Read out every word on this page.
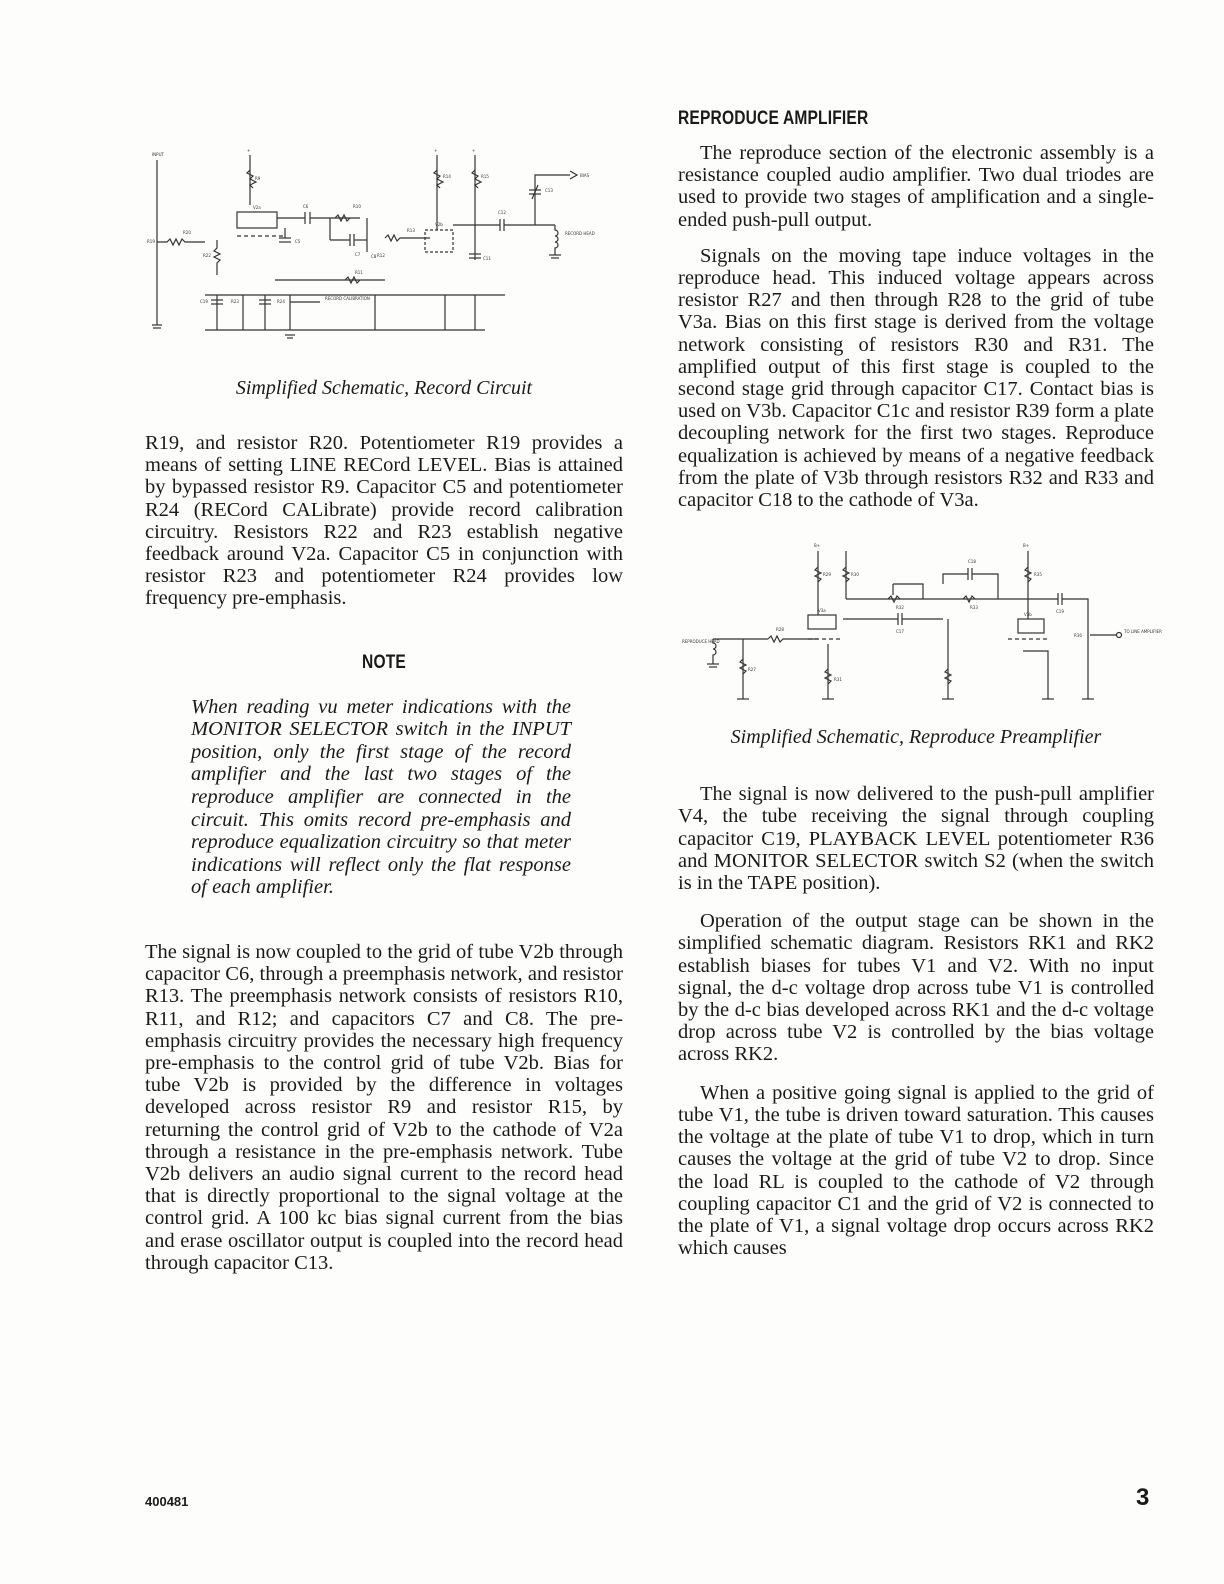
INPUT
R19
R20
R22
+
R9
V2a	C6
C5
R10
C7	C8 R12
R13
R11
V2b
+
R14
+
R15
C11
C12
BIAS
C13
RECORD HEAD
C19	R23	R24
RECORD CALIBRATION

Simplified Schematic, Record Circuit

R19, and resistor R20. Potentiometer R19 provides a means of setting LINE RECord LEVEL. Bias is attained by bypassed resistor R9. Capacitor C5 and potentiometer R24 (RECord CALibrate) provide record calibration circuitry. Resistors R22 and R23 establish negative feedback around V2a. Capacitor C5 in conjunction with resistor R23 and potentiometer R24 provides low frequency pre-emphasis.

NOTE

When reading vu meter indications with the MONITOR SELECTOR switch in the INPUT position, only the first stage of the record amplifier and the last two stages of the reproduce amplifier are connected in the circuit. This omits record pre-emphasis and reproduce equalization circuitry so that meter indications will reflect only the flat response of each amplifier.

The signal is now coupled to the grid of tube V2b through capacitor C6, through a preemphasis network, and resistor R13. The preemphasis network consists of resistors R10, R11, and R12; and capacitors C7 and C8. The pre-emphasis circuitry provides the necessary high frequency pre-emphasis to the control grid of tube V2b. Bias for tube V2b is provided by the difference in voltages developed across resistor R9 and resistor R15, by returning the control grid of V2b to the cathode of V2a through a resistance in the pre-emphasis network. Tube V2b delivers an audio signal current to the record head that is directly proportional to the signal voltage at the control grid. A 100 kc bias signal current from the bias and erase oscillator output is coupled into the record head through capacitor C13.

REPRODUCE AMPLIFIER

The reproduce section of the electronic assembly is a resistance coupled audio amplifier. Two dual triodes are used to provide two stages of amplification and a single-ended push-pull output.

Signals on the moving tape induce voltages in the reproduce head. This induced voltage appears across resistor R27 and then through R28 to the grid of tube V3a. Bias on this first stage is derived from the voltage network consisting of resistors R30 and R31. The amplified output of this first stage is coupled to the second stage grid through capacitor C17. Contact bias is used on V3b. Capacitor C1c and resistor R39 form a plate decoupling network for the first two stages. Reproduce equalization is achieved by means of a negative feedback from the plate of V3b through resistors R32 and R33 and capacitor C18 to the cathode of V3a.

REPRODUCE HEAD
R27
R28
V3a
B+
R29	R30
R31
C17
R32
C18
R33
B+
R35
V3b
C19
R36
TO LINE AMPLIFIER

Simplified Schematic, Reproduce Preamplifier

The signal is now delivered to the push-pull amplifier V4, the tube receiving the signal through coupling capacitor C19, PLAYBACK LEVEL potentiometer R36 and MONITOR SELECTOR switch S2 (when the switch is in the TAPE position).

Operation of the output stage can be shown in the simplified schematic diagram. Resistors RK1 and RK2 establish biases for tubes V1 and V2. With no input signal, the d-c voltage drop across tube V1 is controlled by the d-c bias developed across RK1 and the d-c voltage drop across tube V2 is controlled by the bias voltage across RK2.

When a positive going signal is applied to the grid of tube V1, the tube is driven toward saturation. This causes the voltage at the plate of tube V1 to drop, which in turn causes the voltage at the grid of tube V2 to drop. Since the load RL is coupled to the cathode of V2 through coupling capacitor C1 and the grid of V2 is connected to the plate of V1, a signal voltage drop occurs across RK2 which causes

400481	3
